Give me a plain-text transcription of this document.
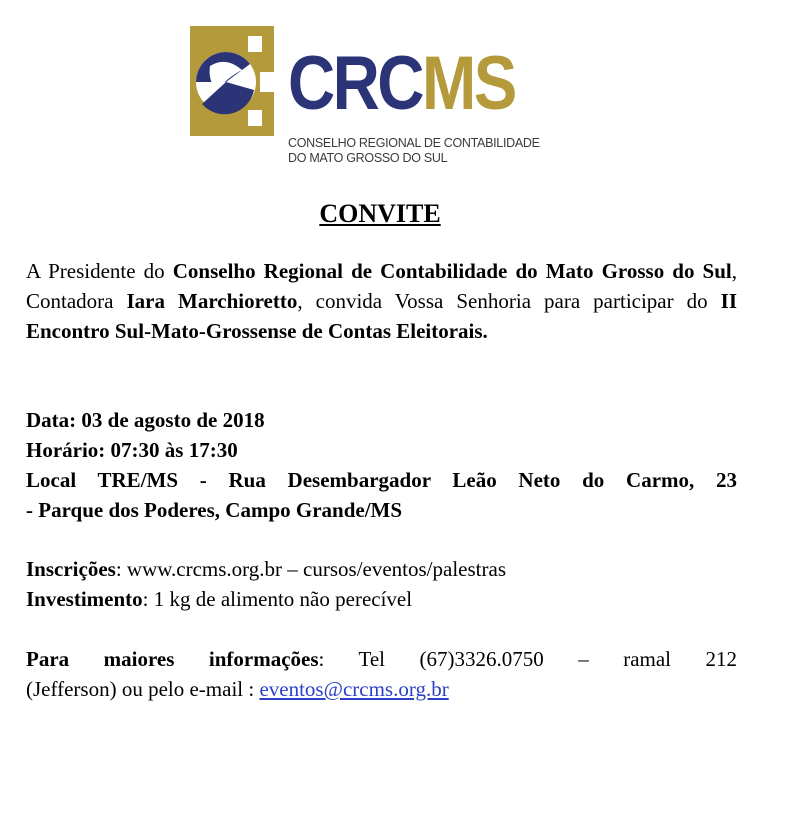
CRCMS
CONSELHO REGIONAL DE CONTABILIDADE
DO MATO GROSSO DO SUL
CONVITE
A Presidente do Conselho Regional de Contabilidade do Mato Grosso do Sul, Contadora Iara Marchioretto, convida Vossa Senhoria para participar do II Encontro Sul-Mato-Grossense de Contas Eleitorais.
Data: 03 de agosto de 2018
Horário: 07:30 às 17:30
Local TRE/MS - Rua Desembargador Leão Neto do Carmo, 23
- Parque dos Poderes, Campo Grande/MS
Inscrições: www.crcms.org.br – cursos/eventos/palestras
Investimento: 1 kg de alimento não perecível
Para maiores informações: Tel (67)3326.0750 – ramal 212
(Jefferson) ou pelo e-mail : eventos@crcms.org.br
